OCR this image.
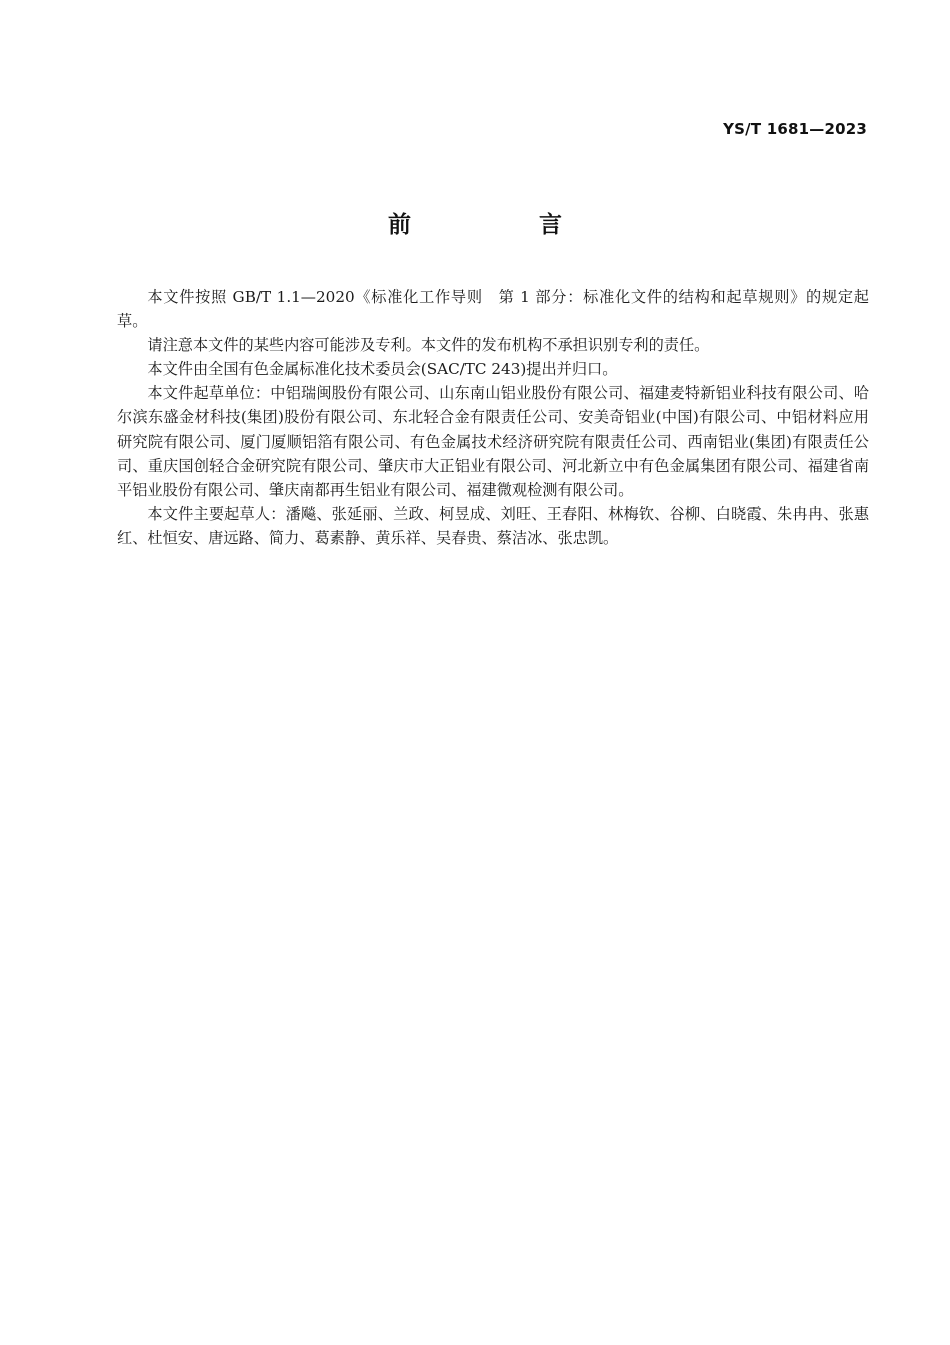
YS/T 1681—2023
前 言

本文件按照 GB/T 1.1—2020《标准化工作导则　第 1 部分：标准化文件的结构和起草规则》的规定起草。

请注意本文件的某些内容可能涉及专利。本文件的发布机构不承担识别专利的责任。

本文件由全国有色金属标准化技术委员会(SAC/TC 243)提出并归口。

本文件起草单位：中铝瑞闽股份有限公司、山东南山铝业股份有限公司、福建麦特新铝业科技有限公司、哈尔滨东盛金材科技(集团)股份有限公司、东北轻合金有限责任公司、安美奇铝业(中国)有限公司、中铝材料应用研究院有限公司、厦门厦顺铝箔有限公司、有色金属技术经济研究院有限责任公司、西南铝业(集团)有限责任公司、重庆国创轻合金研究院有限公司、肇庆市大正铝业有限公司、河北新立中有色金属集团有限公司、福建省南平铝业股份有限公司、肇庆南都再生铝业有限公司、福建微观检测有限公司。

本文件主要起草人：潘飚、张延丽、兰政、柯昱成、刘旺、王春阳、林梅钦、谷柳、白晓霞、朱冉冉、张惠红、杜恒安、唐远路、简力、葛素静、黄乐祥、吴春贵、蔡洁冰、张忠凯。
